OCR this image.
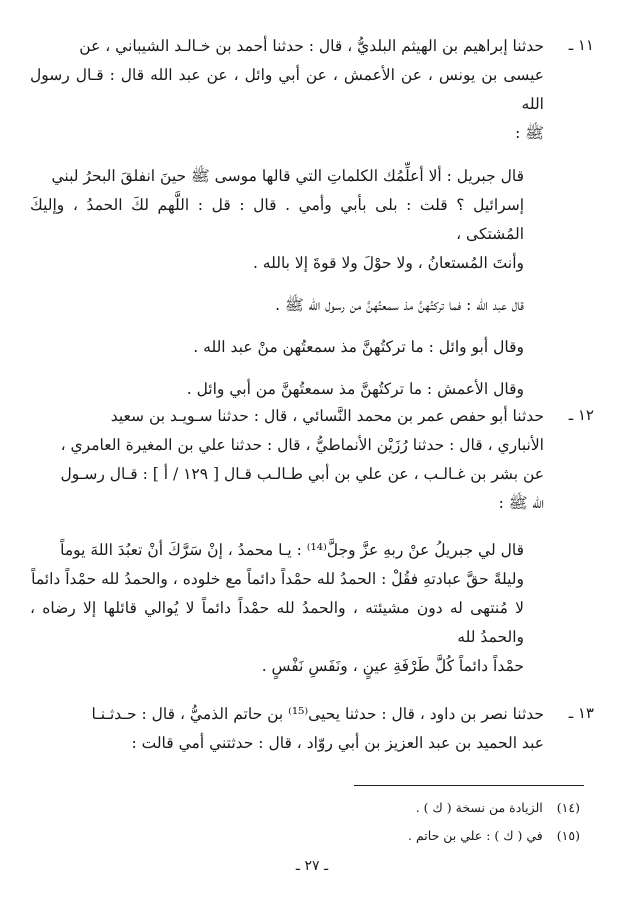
١١ ـ

حدثنا إبراهيم بن الهيثم البلديُّ ، قال : حدثنا أحمد بن خـالـد الشيباني ، عن

عيسى بن يونس ، عن الأعمش ، عن أبي وائل ، عن عبد الله قال : قـال رسول الله

ﷺ :

قال جبريل : ألا أعلِّمُك الكلماتِ التي قالها موسى ﷺ حينَ انفلقَ البحرُ لبني

إسرائيل ؟ قلت : بلى بأبي وأمي . قال : قل : اللَّهم لكَ الحمدُ ، وإليكَ المُشتكى ،

وأنتَ المُستعانُ ، ولا حوْلَ ولا قوةَ إلا بالله .

قال عبد الله : فما تركتُهنَّ مذ سمعتُهنَّ من رسول الله ﷺ .

وقال أبو وائل : ما تركتُهنَّ مذ سمعتُهن منْ عبد الله .

وقال الأعمش : ما تركتُهنَّ مذ سمعتُهنَّ من أبي وائل .

١٢ ـ

حدثنا أبو حفص عمر بن محمد النَّسائي ، قال : حدثنا سـويـد بن سعيد

الأنباري ، قال : حدثنا رُزَيْن الأنماطيُّ ، قال : حدثنا علي بن المغيرة العامري ،

عن بشر بن غـالـب ، عن علي بن أبي طـالـب قـال [ ١٢٩ / أ ] : قـال رسـول

الله ﷺ :

قال لي جبريلُ عنْ ربهِ عزَّ وجلَّ⁽¹⁴⁾ : يـا محمدُ ، إنْ سَرَّكَ أنْ تعبُدَ اللهَ يوماً

وليلةً حقَّ عبادتهِ فقُلْ : الحمدُ لله حمْداً دائماً مع خلوده ، والحمدُ لله حمْداً دائماً

لا مُنتهى له دون مشيئته ، والحمدُ لله حمْداً دائماً لا يُوالي قائلها إلا رضاه ، والحمدُ لله

حمْداً دائماً كُلَّ طَرْفَةِ عينٍ ، ونَفَسِ نَفْسٍ .

١٣ ـ

حدثنا نصر بن داود ، قال : حدثنا يحيى⁽¹⁵⁾ بن حاتم الذميُّ ، قال : حـدثـنـا

عبد الحميد بن عبد العزيز بن أبي روّاد ، قال : حدثتني أمي قالت :

(١٤)
الزيادة من نسخة ( ك ) .
(١٥)
في ( ك ) : علي بن حاتم .
ـ ٢٧ ـ
